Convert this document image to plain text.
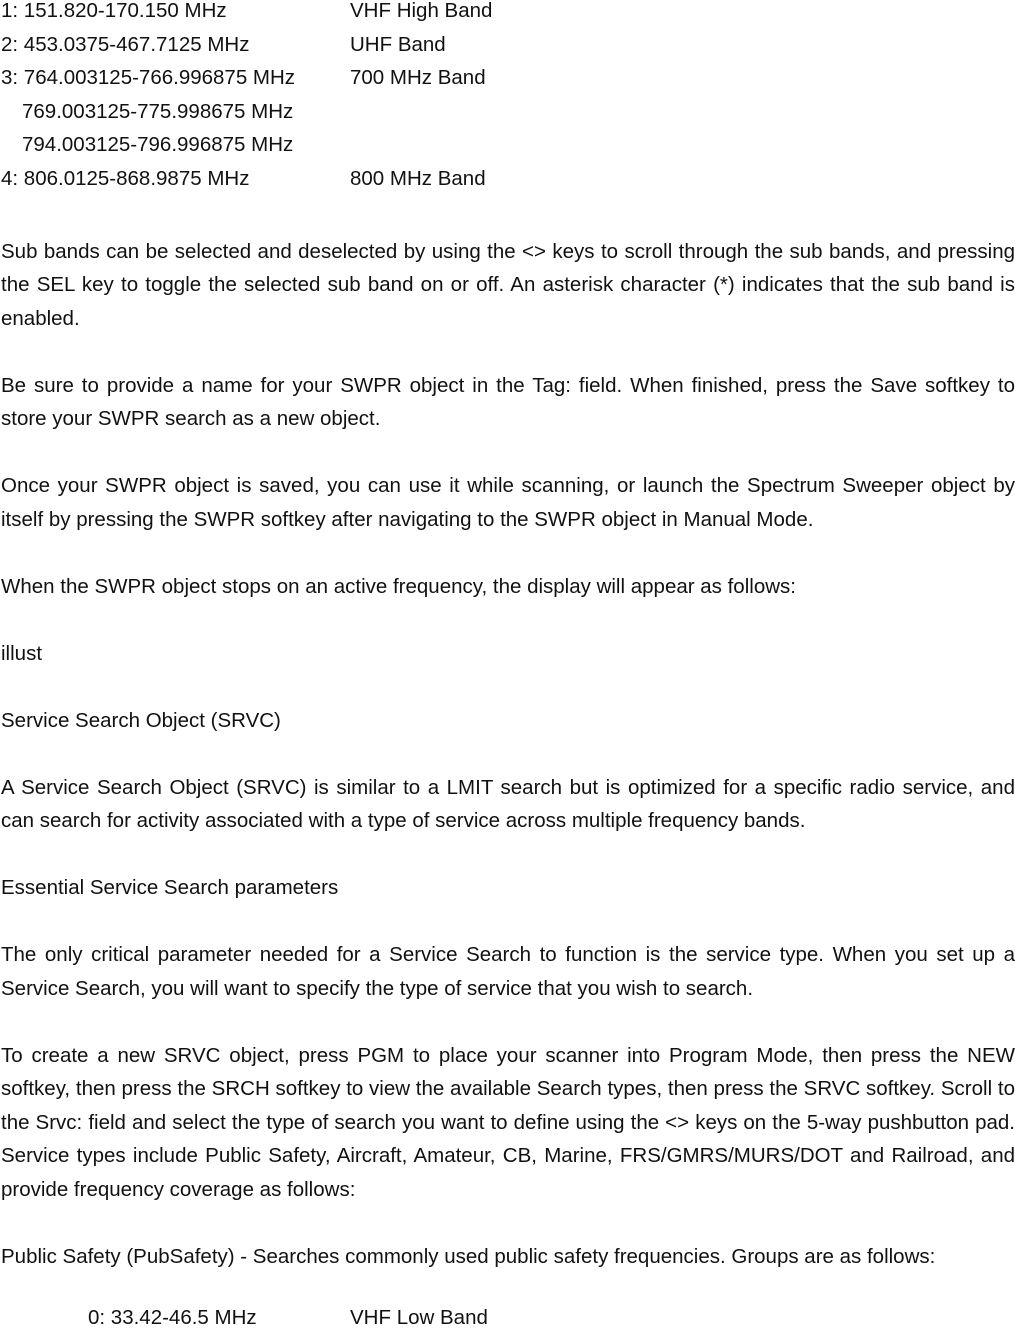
1: 151.820-170.150 MHz	VHF High Band
2: 453.0375-467.7125 MHz	UHF Band
3: 764.003125-766.996875 MHz	700 MHz Band
769.003125-775.998675 MHz
794.003125-796.996875 MHz
4: 806.0125-868.9875 MHz	800 MHz Band

Sub bands can be selected and deselected by using the <> keys to scroll through the sub bands, and pressing the SEL key to toggle the selected sub band on or off. An asterisk character (*) indicates that the sub band is enabled.

Be sure to provide a name for your SWPR object in the Tag: field. When finished, press the Save softkey to store your SWPR search as a new object.

Once your SWPR object is saved, you can use it while scanning, or launch the Spectrum Sweeper object by itself by pressing the SWPR softkey after navigating to the SWPR object in Manual Mode.

When the SWPR object stops on an active frequency, the display will appear as follows:

illust

Service Search Object (SRVC)

A Service Search Object (SRVC) is similar to a LMIT search but is optimized for a specific radio service, and can search for activity associated with a type of service across multiple frequency bands.

Essential Service Search parameters

The only critical parameter needed for a Service Search to function is the service type. When you set up a Service Search, you will want to specify the type of service that you wish to search.

To create a new SRVC object, press PGM to place your scanner into Program Mode, then press the NEW softkey, then press the SRCH softkey to view the available Search types, then press the SRVC softkey. Scroll to the Srvc: field and select the type of search you want to define using the <> keys on the 5-way pushbutton pad. Service types include Public Safety, Aircraft, Amateur, CB, Marine, FRS/GMRS/MURS/DOT and Railroad, and provide frequency coverage as follows:

Public Safety (PubSafety) - Searches commonly used public safety frequencies. Groups are as follows:

0: 33.42-46.5 MHz	VHF Low Band
